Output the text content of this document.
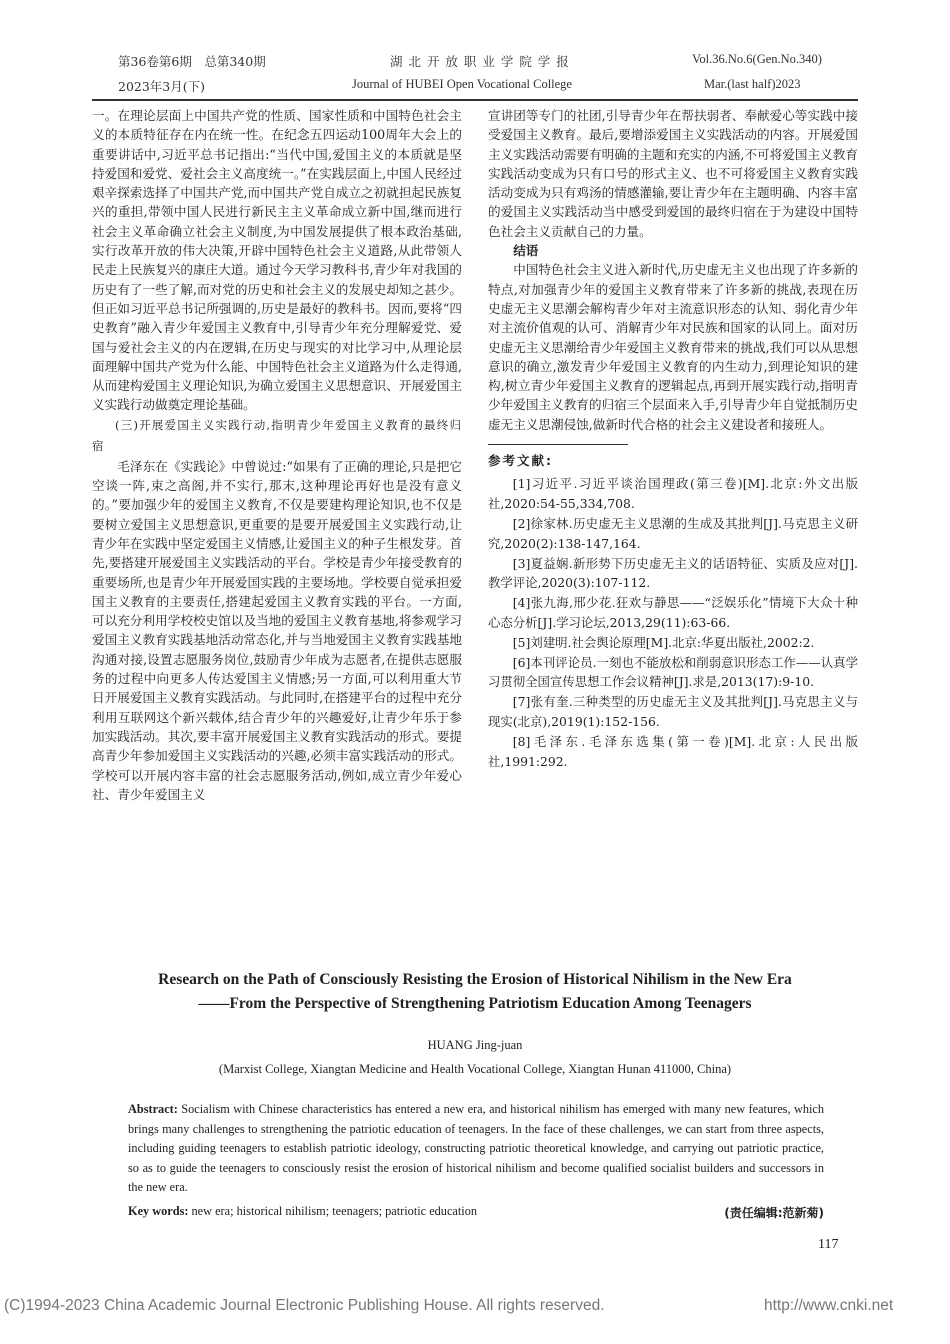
第36卷第6期　总第340期
2023年3月(下)
湖 北 开 放 职 业 学 院 学 报
Journal of HUBEI Open Vocational College
Vol.36.No.6(Gen.No.340)
Mar.(last half)2023

一。在理论层面上中国共产党的性质、国家性质和中国特色社会主义的本质特征存在内在统一性。在纪念五四运动100周年大会上的重要讲话中,习近平总书记指出:“当代中国,爱国主义的本质就是坚持爱国和爱党、爱社会主义高度统一。”在实践层面上,中国人民经过艰辛探索选择了中国共产党,而中国共产党自成立之初就担起民族复兴的重担,带领中国人民进行新民主主义革命成立新中国,继而进行社会主义革命确立社会主义制度,为中国发展提供了根本政治基础,实行改革开放的伟大决策,开辟中国特色社会主义道路,从此带领人民走上民族复兴的康庄大道。通过今天学习教科书,青少年对我国的历史有了一些了解,而对党的历史和社会主义的发展史却知之甚少。但正如习近平总书记所强调的,历史是最好的教科书。因而,要将“四史教育”融入青少年爱国主义教育中,引导青少年充分理解爱党、爱国与爱社会主义的内在逻辑,在历史与现实的对比学习中,从理论层面理解中国共产党为什么能、中国特色社会主义道路为什么走得通,从而建构爱国主义理论知识,为确立爱国主义思想意识、开展爱国主义实践行动做奠定理论基础。

(三)开展爱国主义实践行动,指明青少年爱国主义教育的最终归宿

毛泽东在《实践论》中曾说过:“如果有了正确的理论,只是把它空谈一阵,束之高阁,并不实行,那末,这种理论再好也是没有意义的。”要加强少年的爱国主义教育,不仅是要建构理论知识,也不仅是要树立爱国主义思想意识,更重要的是要开展爱国主义实践行动,让青少年在实践中坚定爱国主义情感,让爱国主义的种子生根发芽。首先,要搭建开展爱国主义实践活动的平台。学校是青少年接受教育的重要场所,也是青少年开展爱国实践的主要场地。学校要自觉承担爱国主义教育的主要责任,搭建起爱国主义教育实践的平台。一方面,可以充分利用学校校史馆以及当地的爱国主义教育基地,将参观学习爱国主义教育实践基地活动常态化,并与当地爱国主义教育实践基地沟通对接,设置志愿服务岗位,鼓励青少年成为志愿者,在提供志愿服务的过程中向更多人传达爱国主义情感;另一方面,可以利用重大节日开展爱国主义教育实践活动。与此同时,在搭建平台的过程中充分利用互联网这个新兴载体,结合青少年的兴趣爱好,让青少年乐于参加实践活动。其次,要丰富开展爱国主义教育实践活动的形式。要提高青少年参加爱国主义实践活动的兴趣,必须丰富实践活动的形式。学校可以开展内容丰富的社会志愿服务活动,例如,成立青少年爱心社、青少年爱国主义

宣讲团等专门的社团,引导青少年在帮扶弱者、奉献爱心等实践中接受爱国主义教育。最后,要增添爱国主义实践活动的内容。开展爱国主义实践活动需要有明确的主题和充实的内涵,不可将爱国主义教育实践活动变成为只有口号的形式主义、也不可将爱国主义教育实践活动变成为只有鸡汤的情感灌输,要让青少年在主题明确、内容丰富的爱国主义实践活动当中感受到爱国的最终归宿在于为建设中国特色社会主义贡献自己的力量。

结语

中国特色社会主义进入新时代,历史虚无主义也出现了许多新的特点,对加强青少年的爱国主义教育带来了许多新的挑战,表现在历史虚无主义思潮会解构青少年对主流意识形态的认知、弱化青少年对主流价值观的认可、消解青少年对民族和国家的认同上。面对历史虚无主义思潮给青少年爱国主义教育带来的挑战,我们可以从思想意识的确立,激发青少年爱国主义教育的内生动力,到理论知识的建构,树立青少年爱国主义教育的逻辑起点,再到开展实践行动,指明青少年爱国主义教育的归宿三个层面来入手,引导青少年自觉抵制历史虚无主义思潮侵蚀,做新时代合格的社会主义建设者和接班人。

参考文献:

[1]习近平.习近平谈治国理政(第三卷)[M].北京:外文出版社,2020:54-55,334,708.

[2]徐家林.历史虚无主义思潮的生成及其批判[J].马克思主义研究,2020(2):138-147,164.

[3]夏益娴.新形势下历史虚无主义的话语特征、实质及应对[J].教学评论,2020(3):107-112.

[4]张九海,邢少花.狂欢与静思——“泛娱乐化”情境下大众十种心态分析[J].学习论坛,2013,29(11):63-66.

[5]刘建明.社会舆论原理[M].北京:华夏出版社,2002:2.

[6]本刊评论员.一刻也不能放松和削弱意识形态工作——认真学习贯彻全国宣传思想工作会议精神[J].求是,2013(17):9-10.

[7]张有奎.三种类型的历史虚无主义及其批判[J].马克思主义与现实(北京),2019(1):152-156.

[8]毛泽东.毛泽东选集(第一卷)[M].北京:人民出版社,1991:292.

Research on the Path of Consciously Resisting the Erosion of Historical Nihilism in the New Era
——From the Perspective of Strengthening Patriotism Education Among Teenagers
HUANG Jing-juan
(Marxist College, Xiangtan Medicine and Health Vocational College, Xiangtan Hunan 411000, China)
Abstract: Socialism with Chinese characteristics has entered a new era, and historical nihilism has emerged with many new features, which brings many challenges to strengthening the patriotic education of teenagers. In the face of these challenges, we can start from three aspects, including guiding teenagers to establish patriotic ideology, constructing patriotic theoretical knowledge, and carrying out patriotic practice, so as to guide the teenagers to consciously resist the erosion of historical nihilism and become qualified socialist builders and successors in the new era.
Key words: new era; historical nihilism; teenagers; patriotic education	(责任编辑:范新菊)
117
(C)1994-2023 China Academic Journal Electronic Publishing House. All rights reserved.	http://www.cnki.net
